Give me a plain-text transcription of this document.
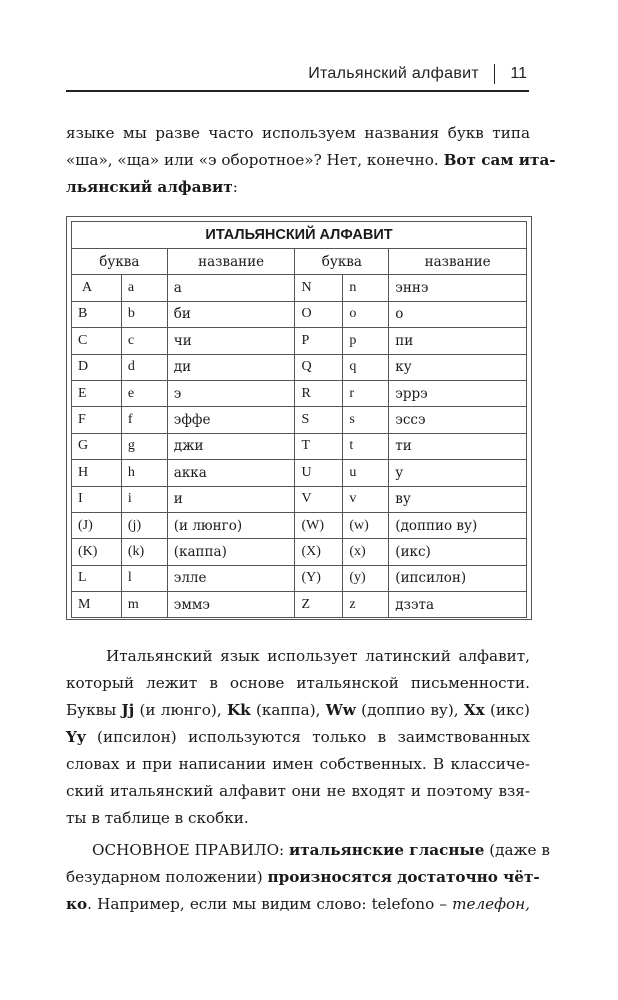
Итальянский алфавит 11
языке мы разве часто используем названия букв типа
«ша», «ща» или «э оборотное»? Нет, конечно. Вот сам ита-
льянский алфавит:
ИТАЛЬЯНСКИЙ АЛФАВИТ					
буква		название	буква		название
A	a	а	N	n	эннэ
B	b	би	O	o	о
C	c	чи	P	p	пи
D	d	ди	Q	q	ку
E	e	э	R	r	эррэ
F	f	эффе	S	s	эссэ
G	g	джи	T	t	ти
H	h	акка	U	u	у
I	i	и	V	v	ву
(J)	(j)	(и люнго)	(W)	(w)	(доппио ву)
(K)	(k)	(каппа)	(X)	(x)	(икс)
L	l	элле	(Y)	(y)	(ипсилон)
M	m	эммэ	Z	z	дзэта
Итальянский язык использует латинский алфавит,
который лежит в основе итальянской письменности.
Буквы Jj (и люнго), Kk (каппа), Ww (доппио ву), Xx (икс)
Yy (ипсилон) используются только в заимствованных
словах и при написании имен собственных. В классиче-
ский итальянский алфавит они не входят и поэтому взя-
ты в таблице в скобки.
ОСНОВНОЕ ПРАВИЛО: итальянские гласные (даже в
безударном положении) произносятся достаточно чёт-
ко. Например, если мы видим слово: telefono – телефон,
